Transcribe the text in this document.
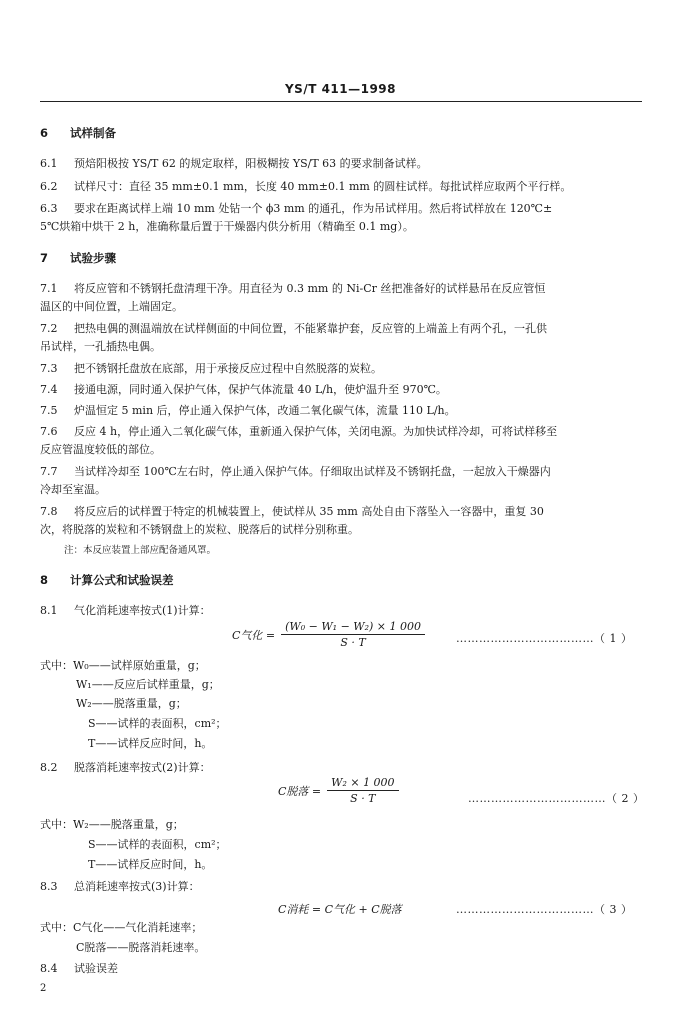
YS/T 411—1998
6 试样制备
6.1 预焙阳极按 YS/T 62 的规定取样，阳极糊按 YS/T 63 的要求制备试样。
6.2 试样尺寸：直径 35 mm±0.1 mm，长度 40 mm±0.1 mm 的圆柱试样。每批试样应取两个平行样。
6.3 要求在距离试样上端 10 mm 处钻一个 ϕ3 mm 的通孔，作为吊试样用。然后将试样放在 120℃±
5℃烘箱中烘干 2 h，准确称量后置于干燥器内供分析用（精确至 0.1 mg）。
7 试验步骤
7.1 将反应管和不锈钢托盘清理干净。用直径为 0.3 mm 的 Ni-Cr 丝把准备好的试样悬吊在反应管恒
温区的中间位置，上端固定。
7.2 把热电偶的测温端放在试样侧面的中间位置，不能紧靠护套，反应管的上端盖上有两个孔，一孔供
吊试样，一孔插热电偶。
7.3 把不锈钢托盘放在底部，用于承接反应过程中自然脱落的炭粒。
7.4 接通电源，同时通入保护气体，保护气体流量 40 L/h，使炉温升至 970℃。
7.5 炉温恒定 5 min 后，停止通入保护气体，改通二氧化碳气体，流量 110 L/h。
7.6 反应 4 h，停止通入二氧化碳气体，重新通入保护气体，关闭电源。为加快试样冷却，可将试样移至
反应管温度较低的部位。
7.7 当试样冷却至 100℃左右时，停止通入保护气体。仔细取出试样及不锈钢托盘，一起放入干燥器内
冷却至室温。
7.8 将反应后的试样置于特定的机械装置上，使试样从 35 mm 高处自由下落坠入一容器中，重复 30
次，将脱落的炭粒和不锈钢盘上的炭粒、脱落后的试样分别称重。
注：本反应装置上部应配备通风罩。
8 计算公式和试验误差
8.1 气化消耗速率按式(1)计算：
C气化 = $\frac{\text{(W₀ − W₁ − W₂) × 1 000}}{S \cdot T}$	………………………………（ 1 ）
式中：W₀——试样原始重量，g；
W₁——反应后试样重量，g；
W₂——脱落重量，g；
S——试样的表面积，cm²；
T——试样反应时间，h。
8.2 脱落消耗速率按式(2)计算：
C脱落 = $\frac{\text{W₂ × 1 000}}{S \cdot T}$	………………………………（ 2 ）
式中：W₂——脱落重量，g；
S——试样的表面积，cm²；
T——试样反应时间，h。
8.3 总消耗速率按式(3)计算：
C消耗 = C气化 + C脱落	………………………………（ 3 ）
式中：C气化——气化消耗速率；
C脱落——脱落消耗速率。
8.4 试验误差
2
